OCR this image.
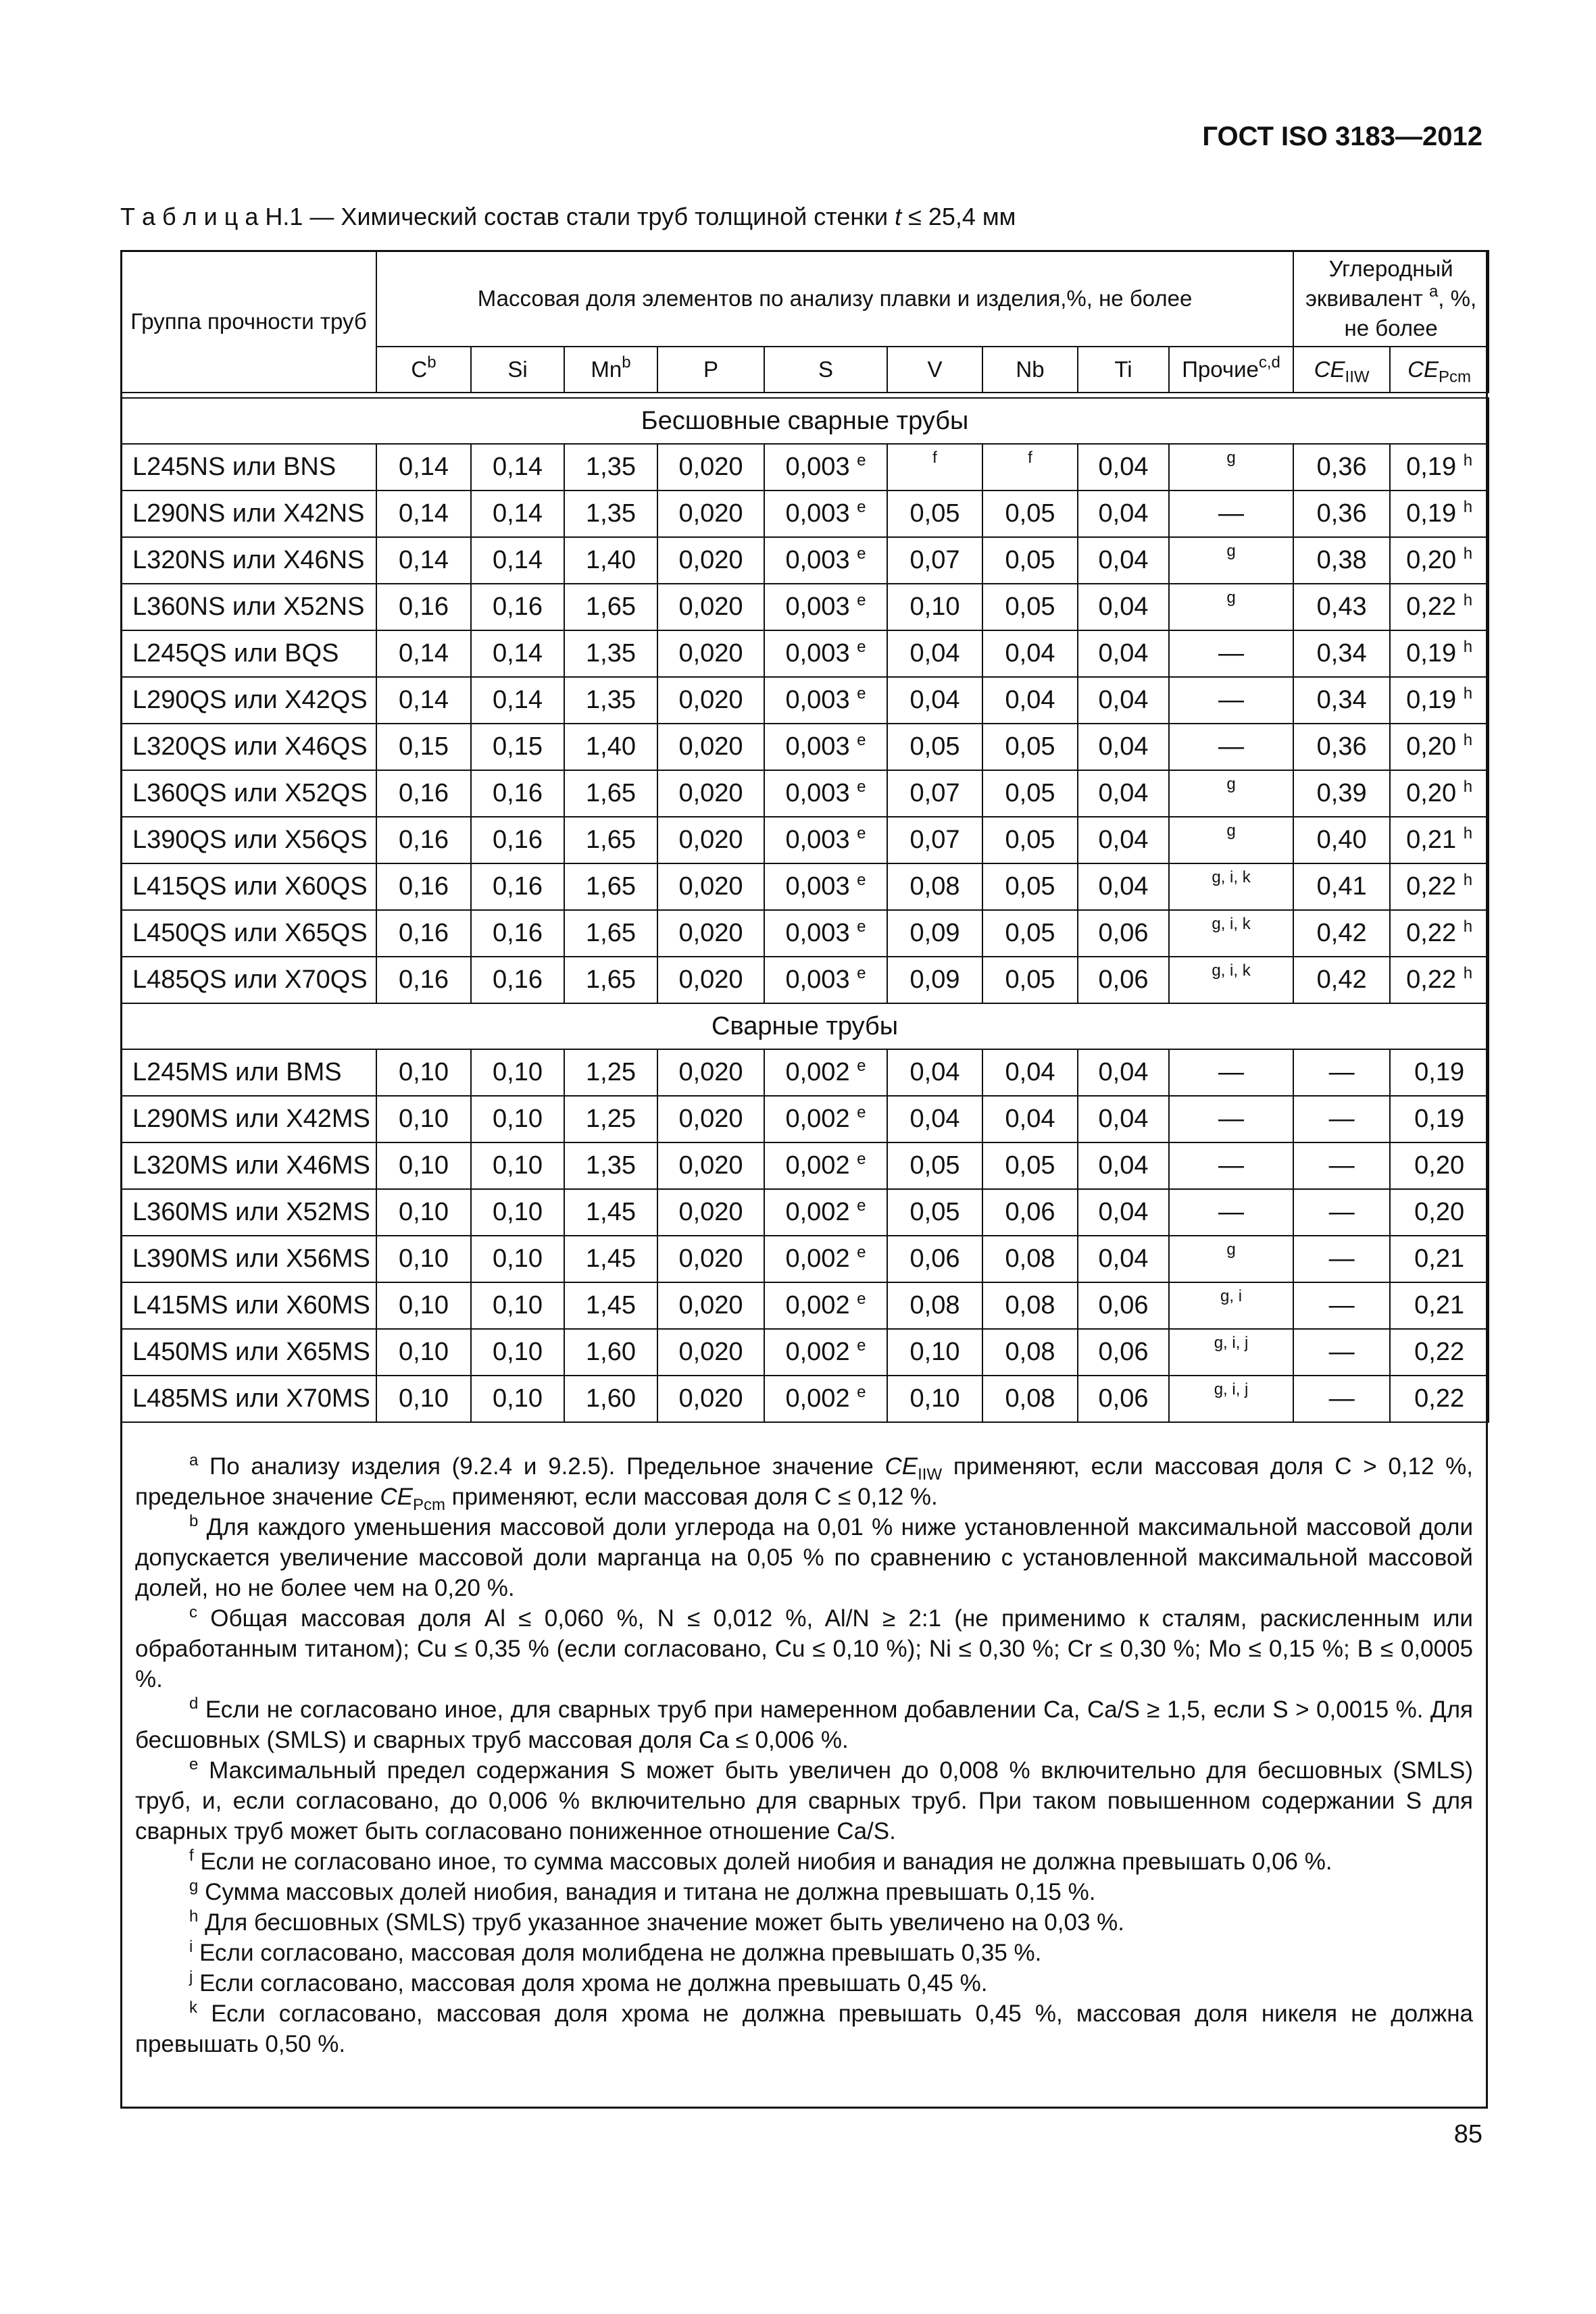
ГОСТ ISO 3183—2012
Т а б л и ц а Н.1 — Химический состав стали труб толщиной стенки t ≤ 25,4 мм
Группа прочности труб	Массовая доля элементов по анализу плавки и изделия,%, не более									Углеродный эквивалент $^a$, %, не более	
	$C^b$	Si	Mn$^b$	P	S	V	Nb	Ti	Прочие$^{c,d}$	$CE_{IIW}$	$CE_{Pcm}$

Бесшовные сварные трубы											
L245NS или BNS	0,14	0,14	1,35	0,020	0,003 $^e$	$^f$	$^f$	0,04	$^g$	0,36	0,19 $^h$
L290NS или X42NS	0,14	0,14	1,35	0,020	0,003 $^e$	0,05	0,05	0,04	—	0,36	0,19 $^h$
L320NS или X46NS	0,14	0,14	1,40	0,020	0,003 $^e$	0,07	0,05	0,04	$^g$	0,38	0,20 $^h$
L360NS или X52NS	0,16	0,16	1,65	0,020	0,003 $^e$	0,10	0,05	0,04	$^g$	0,43	0,22 $^h$
L245QS или BQS	0,14	0,14	1,35	0,020	0,003 $^e$	0,04	0,04	0,04	—	0,34	0,19 $^h$
L290QS или X42QS	0,14	0,14	1,35	0,020	0,003 $^e$	0,04	0,04	0,04	—	0,34	0,19 $^h$
L320QS или X46QS	0,15	0,15	1,40	0,020	0,003 $^e$	0,05	0,05	0,04	—	0,36	0,20 $^h$
L360QS или X52QS	0,16	0,16	1,65	0,020	0,003 $^e$	0,07	0,05	0,04	$^g$	0,39	0,20 $^h$
L390QS или X56QS	0,16	0,16	1,65	0,020	0,003 $^e$	0,07	0,05	0,04	$^g$	0,40	0,21 $^h$
L415QS или X60QS	0,16	0,16	1,65	0,020	0,003 $^e$	0,08	0,05	0,04	$^{g, i, k}$	0,41	0,22 $^h$
L450QS или X65QS	0,16	0,16	1,65	0,020	0,003 $^e$	0,09	0,05	0,06	$^{g, i, k}$	0,42	0,22 $^h$
L485QS или X70QS	0,16	0,16	1,65	0,020	0,003 $^e$	0,09	0,05	0,06	$^{g, i, k}$	0,42	0,22 $^h$
Сварные трубы											
L245MS или BMS	0,10	0,10	1,25	0,020	0,002 $^e$	0,04	0,04	0,04	—	—	0,19
L290MS или X42MS	0,10	0,10	1,25	0,020	0,002 $^e$	0,04	0,04	0,04	—	—	0,19
L320MS или X46MS	0,10	0,10	1,35	0,020	0,002 $^e$	0,05	0,05	0,04	—	—	0,20
L360MS или X52MS	0,10	0,10	1,45	0,020	0,002 $^e$	0,05	0,06	0,04	—	—	0,20
L390MS или X56MS	0,10	0,10	1,45	0,020	0,002 $^e$	0,06	0,08	0,04	$^g$	—	0,21
L415MS или X60MS	0,10	0,10	1,45	0,020	0,002 $^e$	0,08	0,08	0,06	$^{g, i}$	—	0,21
L450MS или X65MS	0,10	0,10	1,60	0,020	0,002 $^e$	0,10	0,08	0,06	$^{g, i, j}$	—	0,22
L485MS или X70MS	0,10	0,10	1,60	0,020	0,002 $^e$	0,10	0,08	0,06	$^{g, i, j}$	—	0,22

$^a$ По анализу изделия (9.2.4 и 9.2.5). Предельное значение $CE_{IIW}$ применяют, если массовая доля C > 0,12 %, предельное значение $CE_{Pcm}$ применяют, если массовая доля C ≤ 0,12 %.

$^b$ Для каждого уменьшения массовой доли углерода на 0,01 % ниже установленной максимальной массовой доли допускается увеличение массовой доли марганца на 0,05 % по сравнению с установленной максимальной массовой долей, но не более чем на 0,20 %.

$^c$ Общая массовая доля Al ≤ 0,060 %, N ≤ 0,012 %, Al/N ≥ 2:1 (не применимо к сталям, раскисленным или обработанным титаном); Cu ≤ 0,35 % (если согласовано, Cu ≤ 0,10 %); Ni ≤ 0,30 %; Cr ≤ 0,30 %; Mo ≤ 0,15 %; B ≤ 0,0005 %.

$^d$ Если не согласовано иное, для сварных труб при намеренном добавлении Ca, Ca/S ≥ 1,5, если S > 0,0015 %. Для бесшовных (SMLS) и сварных труб массовая доля Ca ≤ 0,006 %.

$^e$ Максимальный предел содержания S может быть увеличен до 0,008 % включительно для бесшовных (SMLS) труб, и, если согласовано, до 0,006 % включительно для сварных труб. При таком повышенном содержании S для сварных труб может быть согласовано пониженное отношение Ca/S.

$^f$ Если не согласовано иное, то сумма массовых долей ниобия и ванадия не должна превышать 0,06 %.

$^g$ Сумма массовых долей ниобия, ванадия и титана не должна превышать 0,15 %.

$^h$ Для бесшовных (SMLS) труб указанное значение может быть увеличено на 0,03 %.

$^i$ Если согласовано, массовая доля молибдена не должна превышать 0,35 %.

$^j$ Если согласовано, массовая доля хрома не должна превышать 0,45 %.

$^k$ Если согласовано, массовая доля хрома не должна превышать 0,45 %, массовая доля никеля не должна превышать 0,50 %.

85
